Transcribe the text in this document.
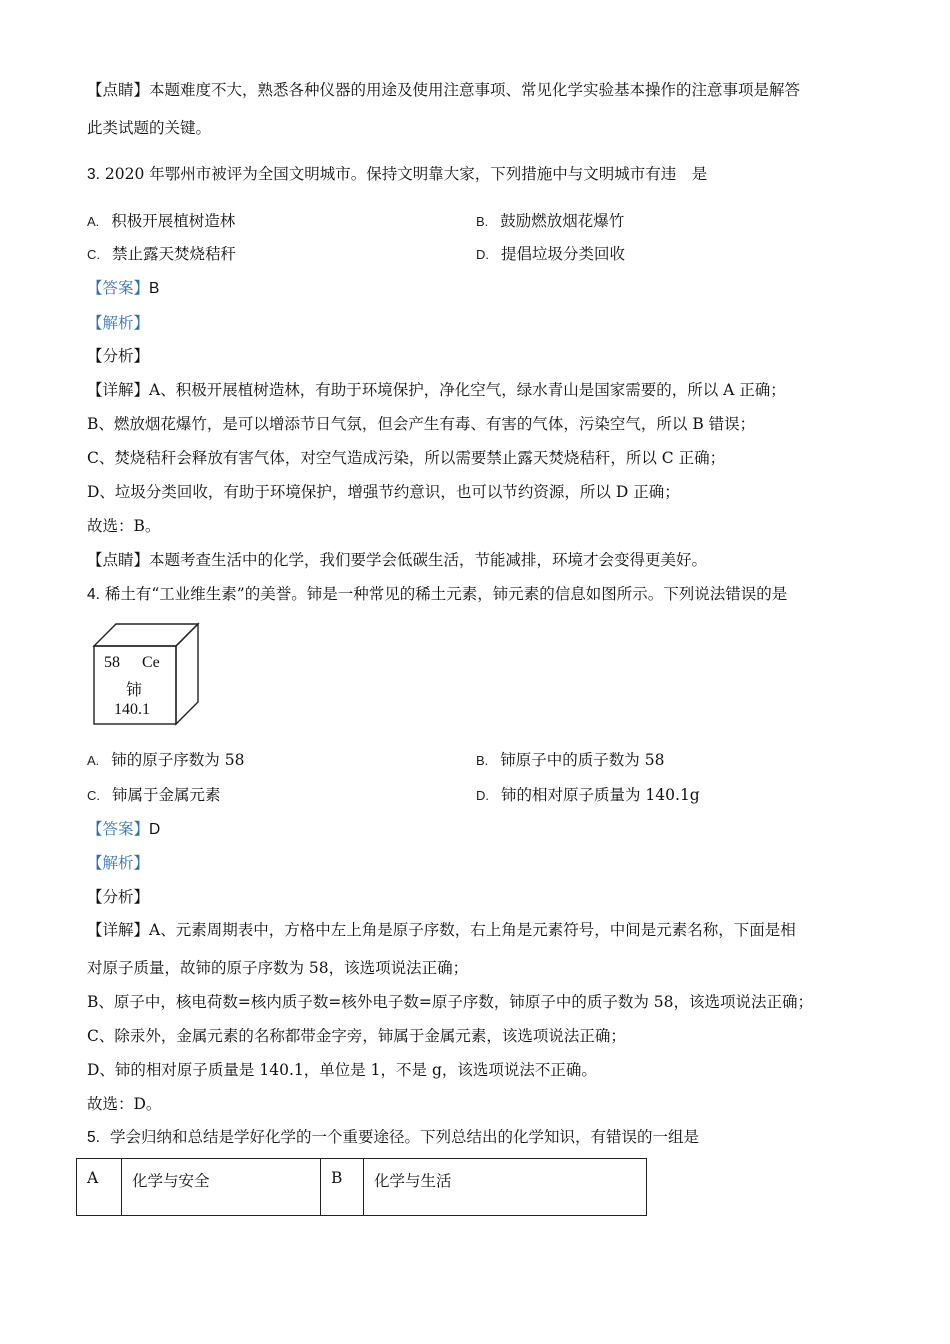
【点睛】本题难度不大，熟悉各种仪器的用途及使用注意事项、常见化学实验基本操作的注意事项是解答
此类试题的关键。
3. 2020 年鄂州市被评为全国文明城市。保持文明靠大家，下列措施中与文明城市有违　是
A. 积极开展植树造林	B. 鼓励燃放烟花爆竹
C. 禁止露天焚烧秸秆	D. 提倡垃圾分类回收
【答案】B
【解析】
【分析】
【详解】A、积极开展植树造林，有助于环境保护，净化空气，绿水青山是国家需要的，所以 A 正确；
B、燃放烟花爆竹，是可以增添节日气氛，但会产生有毒、有害的气体，污染空气，所以 B 错误；
C、焚烧秸秆会释放有害气体，对空气造成污染，所以需要禁止露天焚烧秸秆，所以 C 正确；
D、垃圾分类回收，有助于环境保护，增强节约意识，也可以节约资源，所以 D 正确；
故选：B。
【点睛】本题考查生活中的化学，我们要学会低碳生活，节能减排，环境才会变得更美好。
4. 稀土有“工业维生素”的美誉。铈是一种常见的稀土元素，铈元素的信息如图所示。下列说法错误的是
58 Ce
铈
140.1
A. 铈的原子序数为 58	B. 铈原子中的质子数为 58
C. 铈属于金属元素	D. 铈的相对原子质量为 140.1g
【答案】D
【解析】
【分析】
【详解】A、元素周期表中，方格中左上角是原子序数，右上角是元素符号，中间是元素名称，下面是相
对原子质量，故铈的原子序数为 58，该选项说法正确；
B、原子中，核电荷数=核内质子数=核外电子数=原子序数，铈原子中的质子数为 58，该选项说法正确；
C、除汞外，金属元素的名称都带金字旁，铈属于金属元素，该选项说法正确；
D、铈的相对原子质量是 140.1，单位是 1，不是 g，该选项说法不正确。
故选：D。
5. 学会归纳和总结是学好化学的一个重要途径。下列总结出的化学知识，有错误的一组是
A	化学与安全	B	化学与生活
